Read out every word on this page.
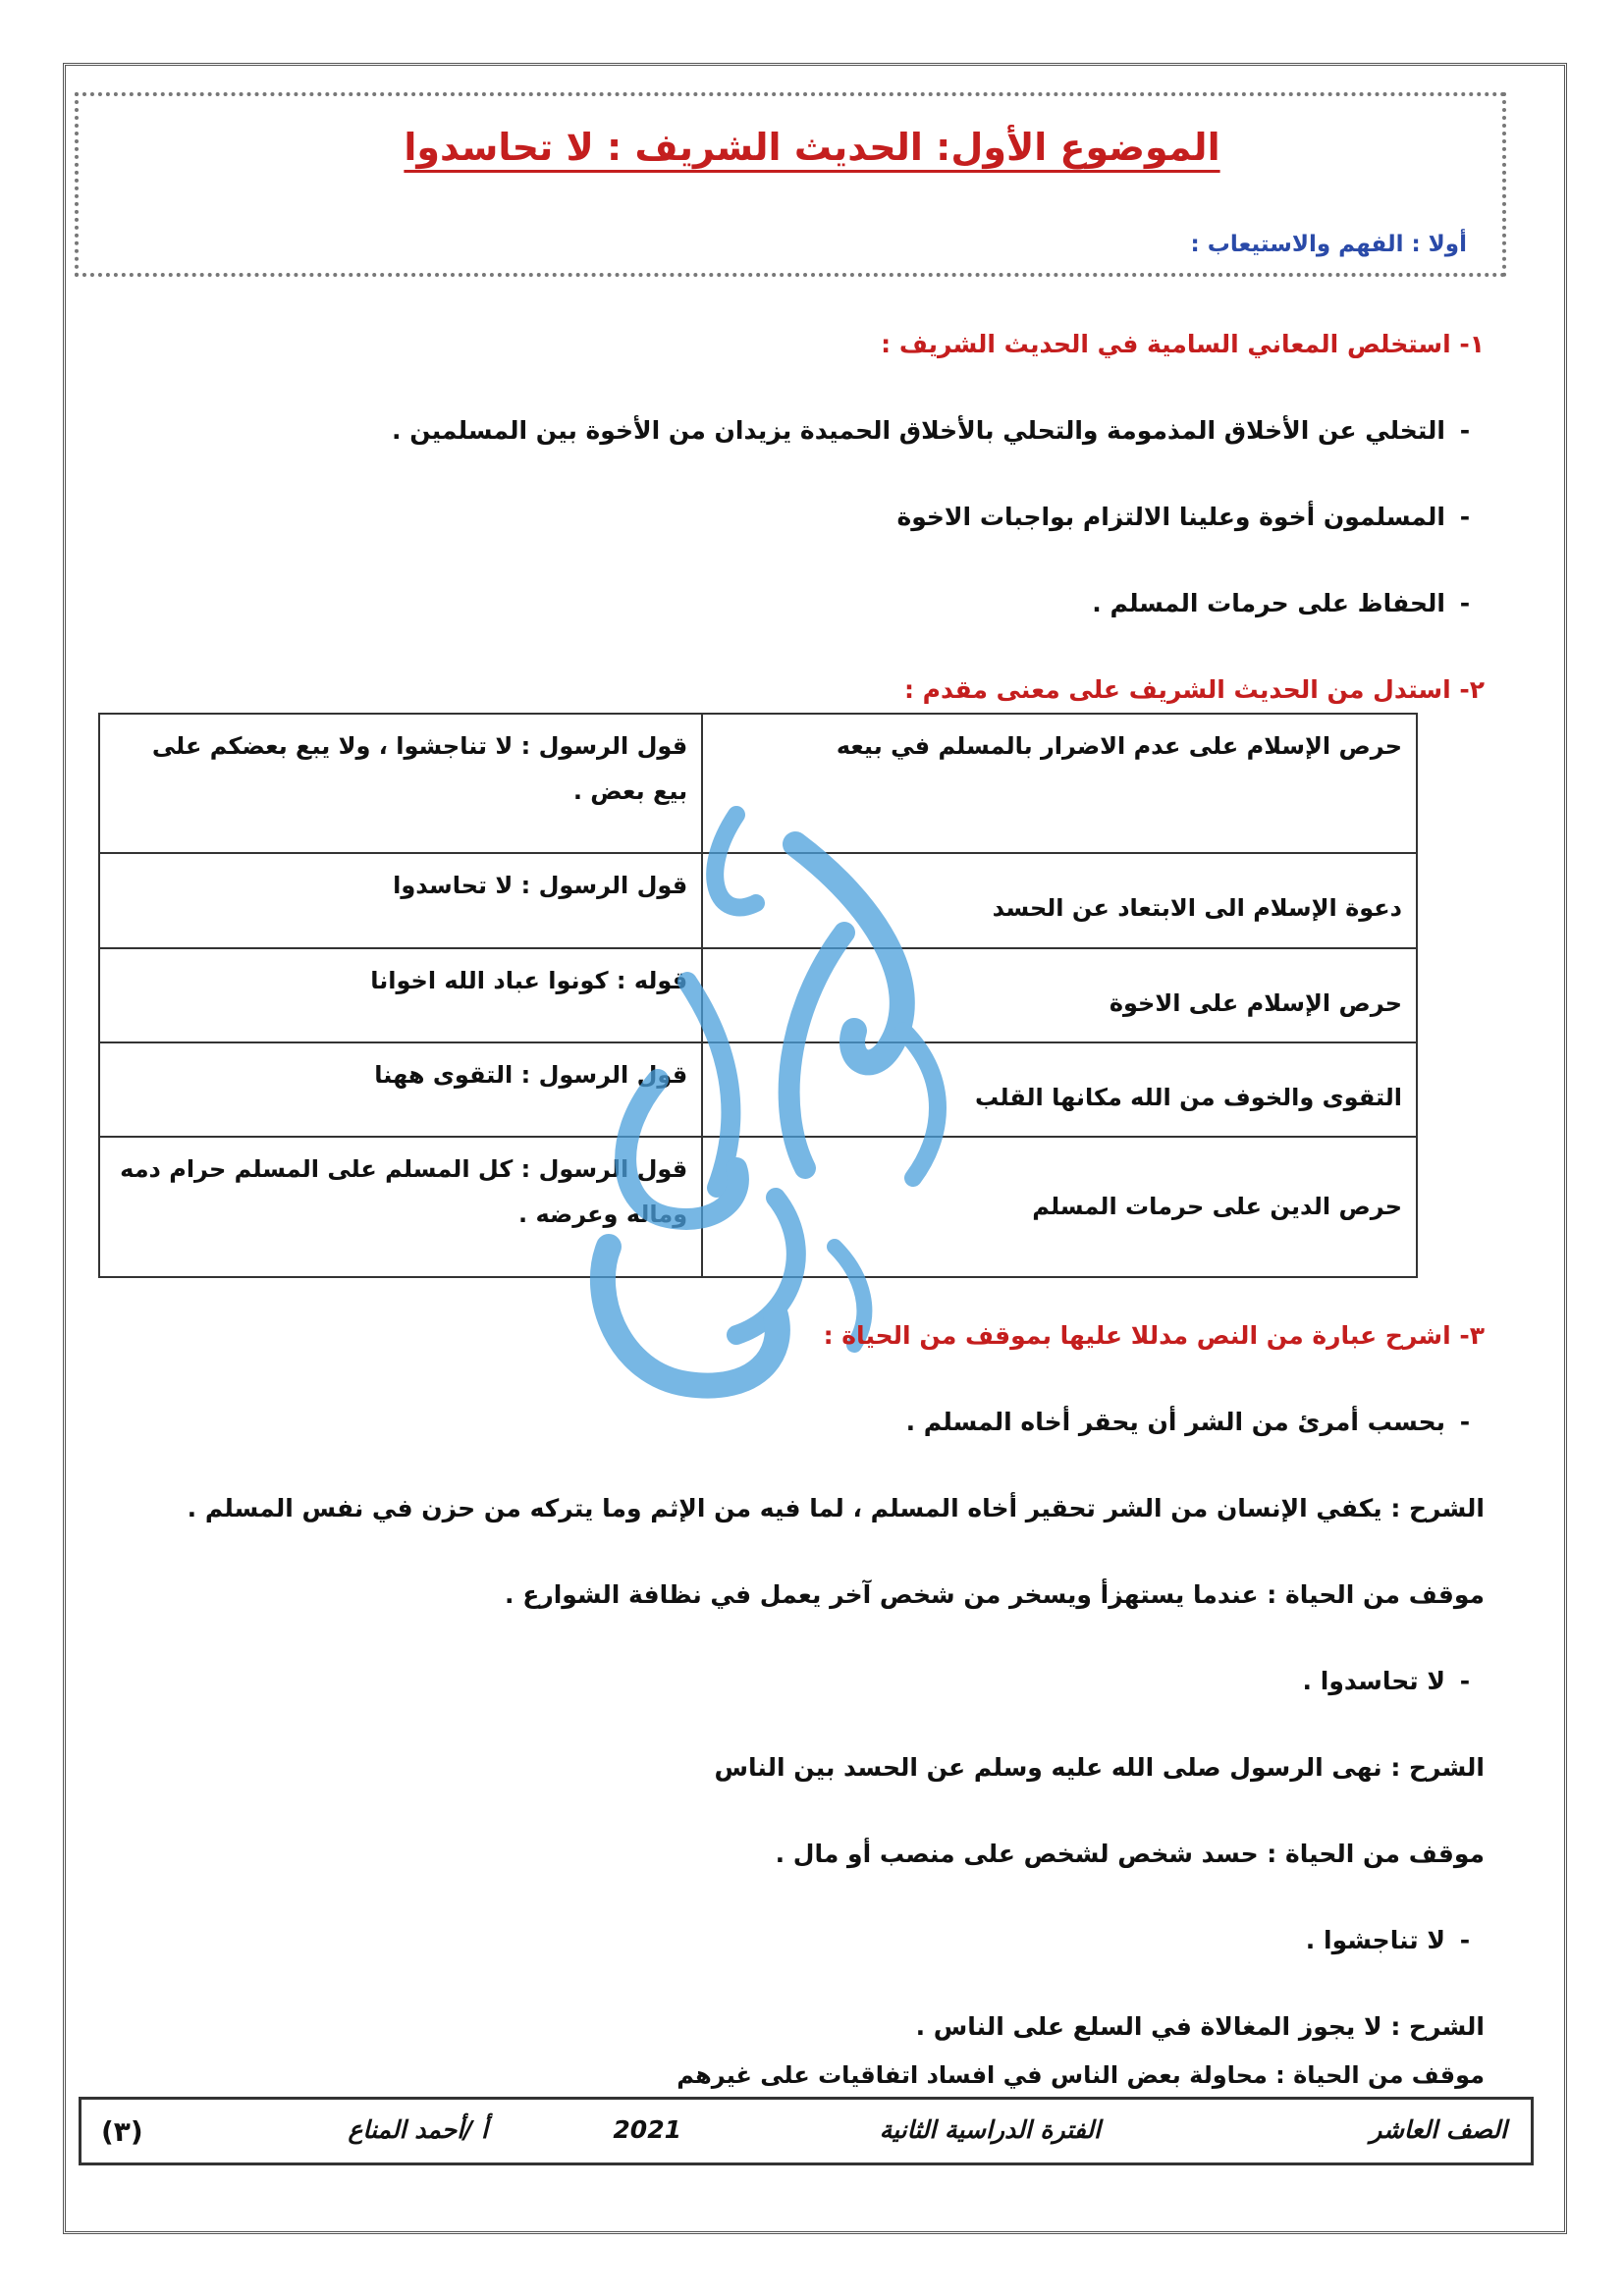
الموضوع الأول: الحديث الشريف : لا تحاسدوا
أولا : الفهم والاستيعاب :
١- استخلص المعاني السامية في الحديث الشريف :
-التخلي عن الأخلاق المذمومة والتحلي بالأخلاق الحميدة يزيدان من الأخوة بين المسلمين .
-المسلمون أخوة وعلينا الالتزام بواجبات الاخوة
-الحفاظ على حرمات المسلم .
٢- استدل من الحديث الشريف على معنى مقدم :
حرص الإسلام على عدم الاضرار بالمسلم في بيعه	قول الرسول : لا تناجشوا ، ولا يبع بعضكم على بيع بعض .
دعوة الإسلام الى الابتعاد عن الحسد	قول الرسول : لا تحاسدوا
حرص الإسلام على الاخوة	قوله : كونوا عباد الله اخوانا
التقوى والخوف من الله مكانها القلب	قول الرسول : التقوى ههنا
حرص الدين على حرمات المسلم	قول الرسول : كل المسلم على المسلم حرام دمه وماله وعرضه .
٣- اشرح عبارة من النص مدللا عليها بموقف من الحياة :
-بحسب أمرئ من الشر أن يحقر أخاه المسلم .
الشرح : يكفي الإنسان من الشر تحقير أخاه المسلم ، لما فيه من الإثم وما يتركه من حزن في نفس المسلم .
موقف من الحياة : عندما يستهزأ ويسخر من شخص آخر يعمل في نظافة الشوارع .
-لا تحاسدوا .
الشرح : نهى الرسول صلى الله عليه وسلم عن الحسد بين الناس
موقف من الحياة : حسد شخص لشخص على منصب أو مال .
-لا تناجشوا .
الشرح : لا يجوز المغالاة في السلع على الناس .
موقف من الحياة : محاولة بعض الناس في افساد اتفاقيات على غيرهم
الصف العاشر
الفترة الدراسية الثانية
2021
أ /أحمد المناع
(٣)
